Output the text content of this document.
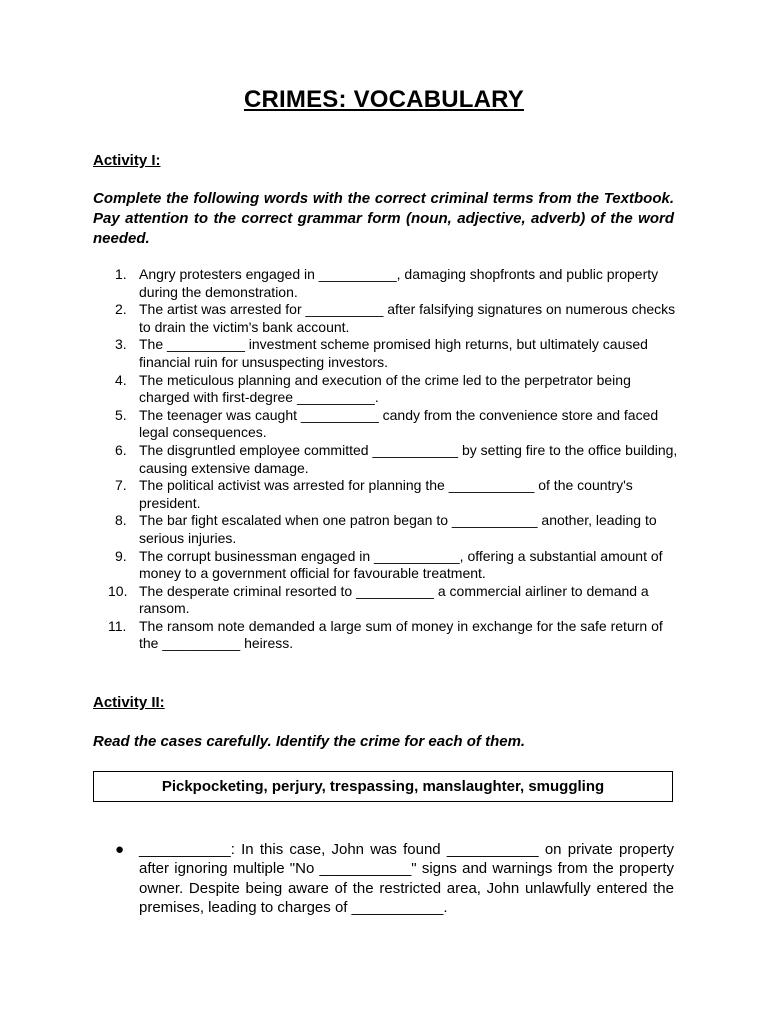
CRIMES: VOCABULARY
Activity I:
Complete the following words with the correct criminal terms from the Textbook. Pay attention to the correct grammar form (noun, adjective, adverb) of the word needed.
1. Angry protesters engaged in __________, damaging shopfronts and public property during the demonstration.
2. The artist was arrested for __________ after falsifying signatures on numerous checks to drain the victim's bank account.
3. The __________ investment scheme promised high returns, but ultimately caused financial ruin for unsuspecting investors.
4. The meticulous planning and execution of the crime led to the perpetrator being charged with first-degree __________.
5. The teenager was caught __________ candy from the convenience store and faced legal consequences.
6. The disgruntled employee committed ___________ by setting fire to the office building, causing extensive damage.
7. The political activist was arrested for planning the ___________ of the country's president.
8. The bar fight escalated when one patron began to ___________ another, leading to serious injuries.
9. The corrupt businessman engaged in ___________, offering a substantial amount of money to a government official for favourable treatment.
10. The desperate criminal resorted to __________ a commercial airliner to demand a ransom.
11. The ransom note demanded a large sum of money in exchange for the safe return of the __________ heiress.
Activity II:
Read the cases carefully. Identify the crime for each of them.
Pickpocketing, perjury, trespassing, manslaughter, smuggling
● ___________: In this case, John was found ___________ on private property after ignoring multiple "No ___________" signs and warnings from the property owner. Despite being aware of the restricted area, John unlawfully entered the premises, leading to charges of ___________.
